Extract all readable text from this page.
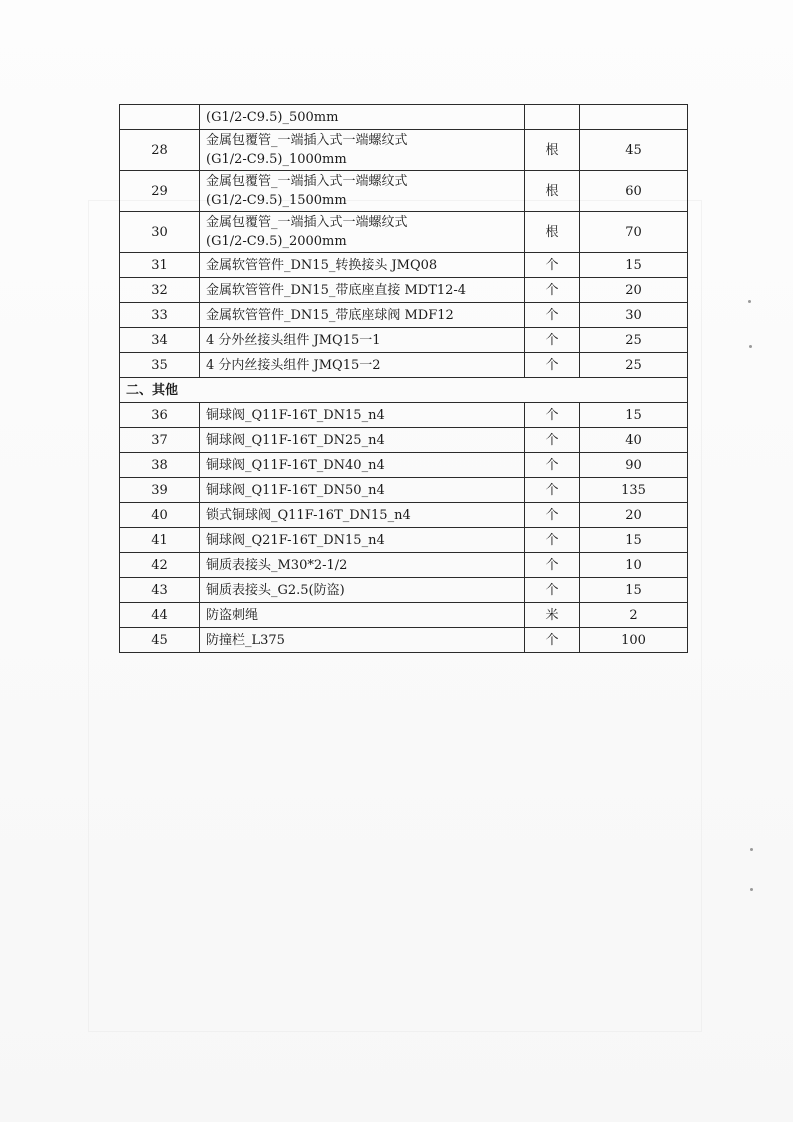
	(G1/2-C9.5)_500mm		

28	金属包覆管_一端插入式一端螺纹式
(G1/2-C9.5)_1000mm	根	45
29	金属包覆管_一端插入式一端螺纹式
(G1/2-C9.5)_1500mm	根	60
30	金属包覆管_一端插入式一端螺纹式
(G1/2-C9.5)_2000mm	根	70
31	金属软管管件_DN15_转换接头 JMQ08	个	15
32	金属软管管件_DN15_带底座直接 MDT12-4	个	20
33	金属软管管件_DN15_带底座球阀 MDF12	个	30
34	4 分外丝接头组件 JMQ15一1	个	25
35	4 分内丝接头组件 JMQ15一2	个	25
二、其他			
36	铜球阀_Q11F-16T_DN15_n4	个	15
37	铜球阀_Q11F-16T_DN25_n4	个	40
38	铜球阀_Q11F-16T_DN40_n4	个	90
39	铜球阀_Q11F-16T_DN50_n4	个	135
40	锁式铜球阀_Q11F-16T_DN15_n4	个	20
41	铜球阀_Q21F-16T_DN15_n4	个	15
42	铜质表接头_M30*2-1/2	个	10
43	铜质表接头_G2.5(防盗)	个	15
44	防盗刺绳	米	2
45	防撞栏_L375	个	100
